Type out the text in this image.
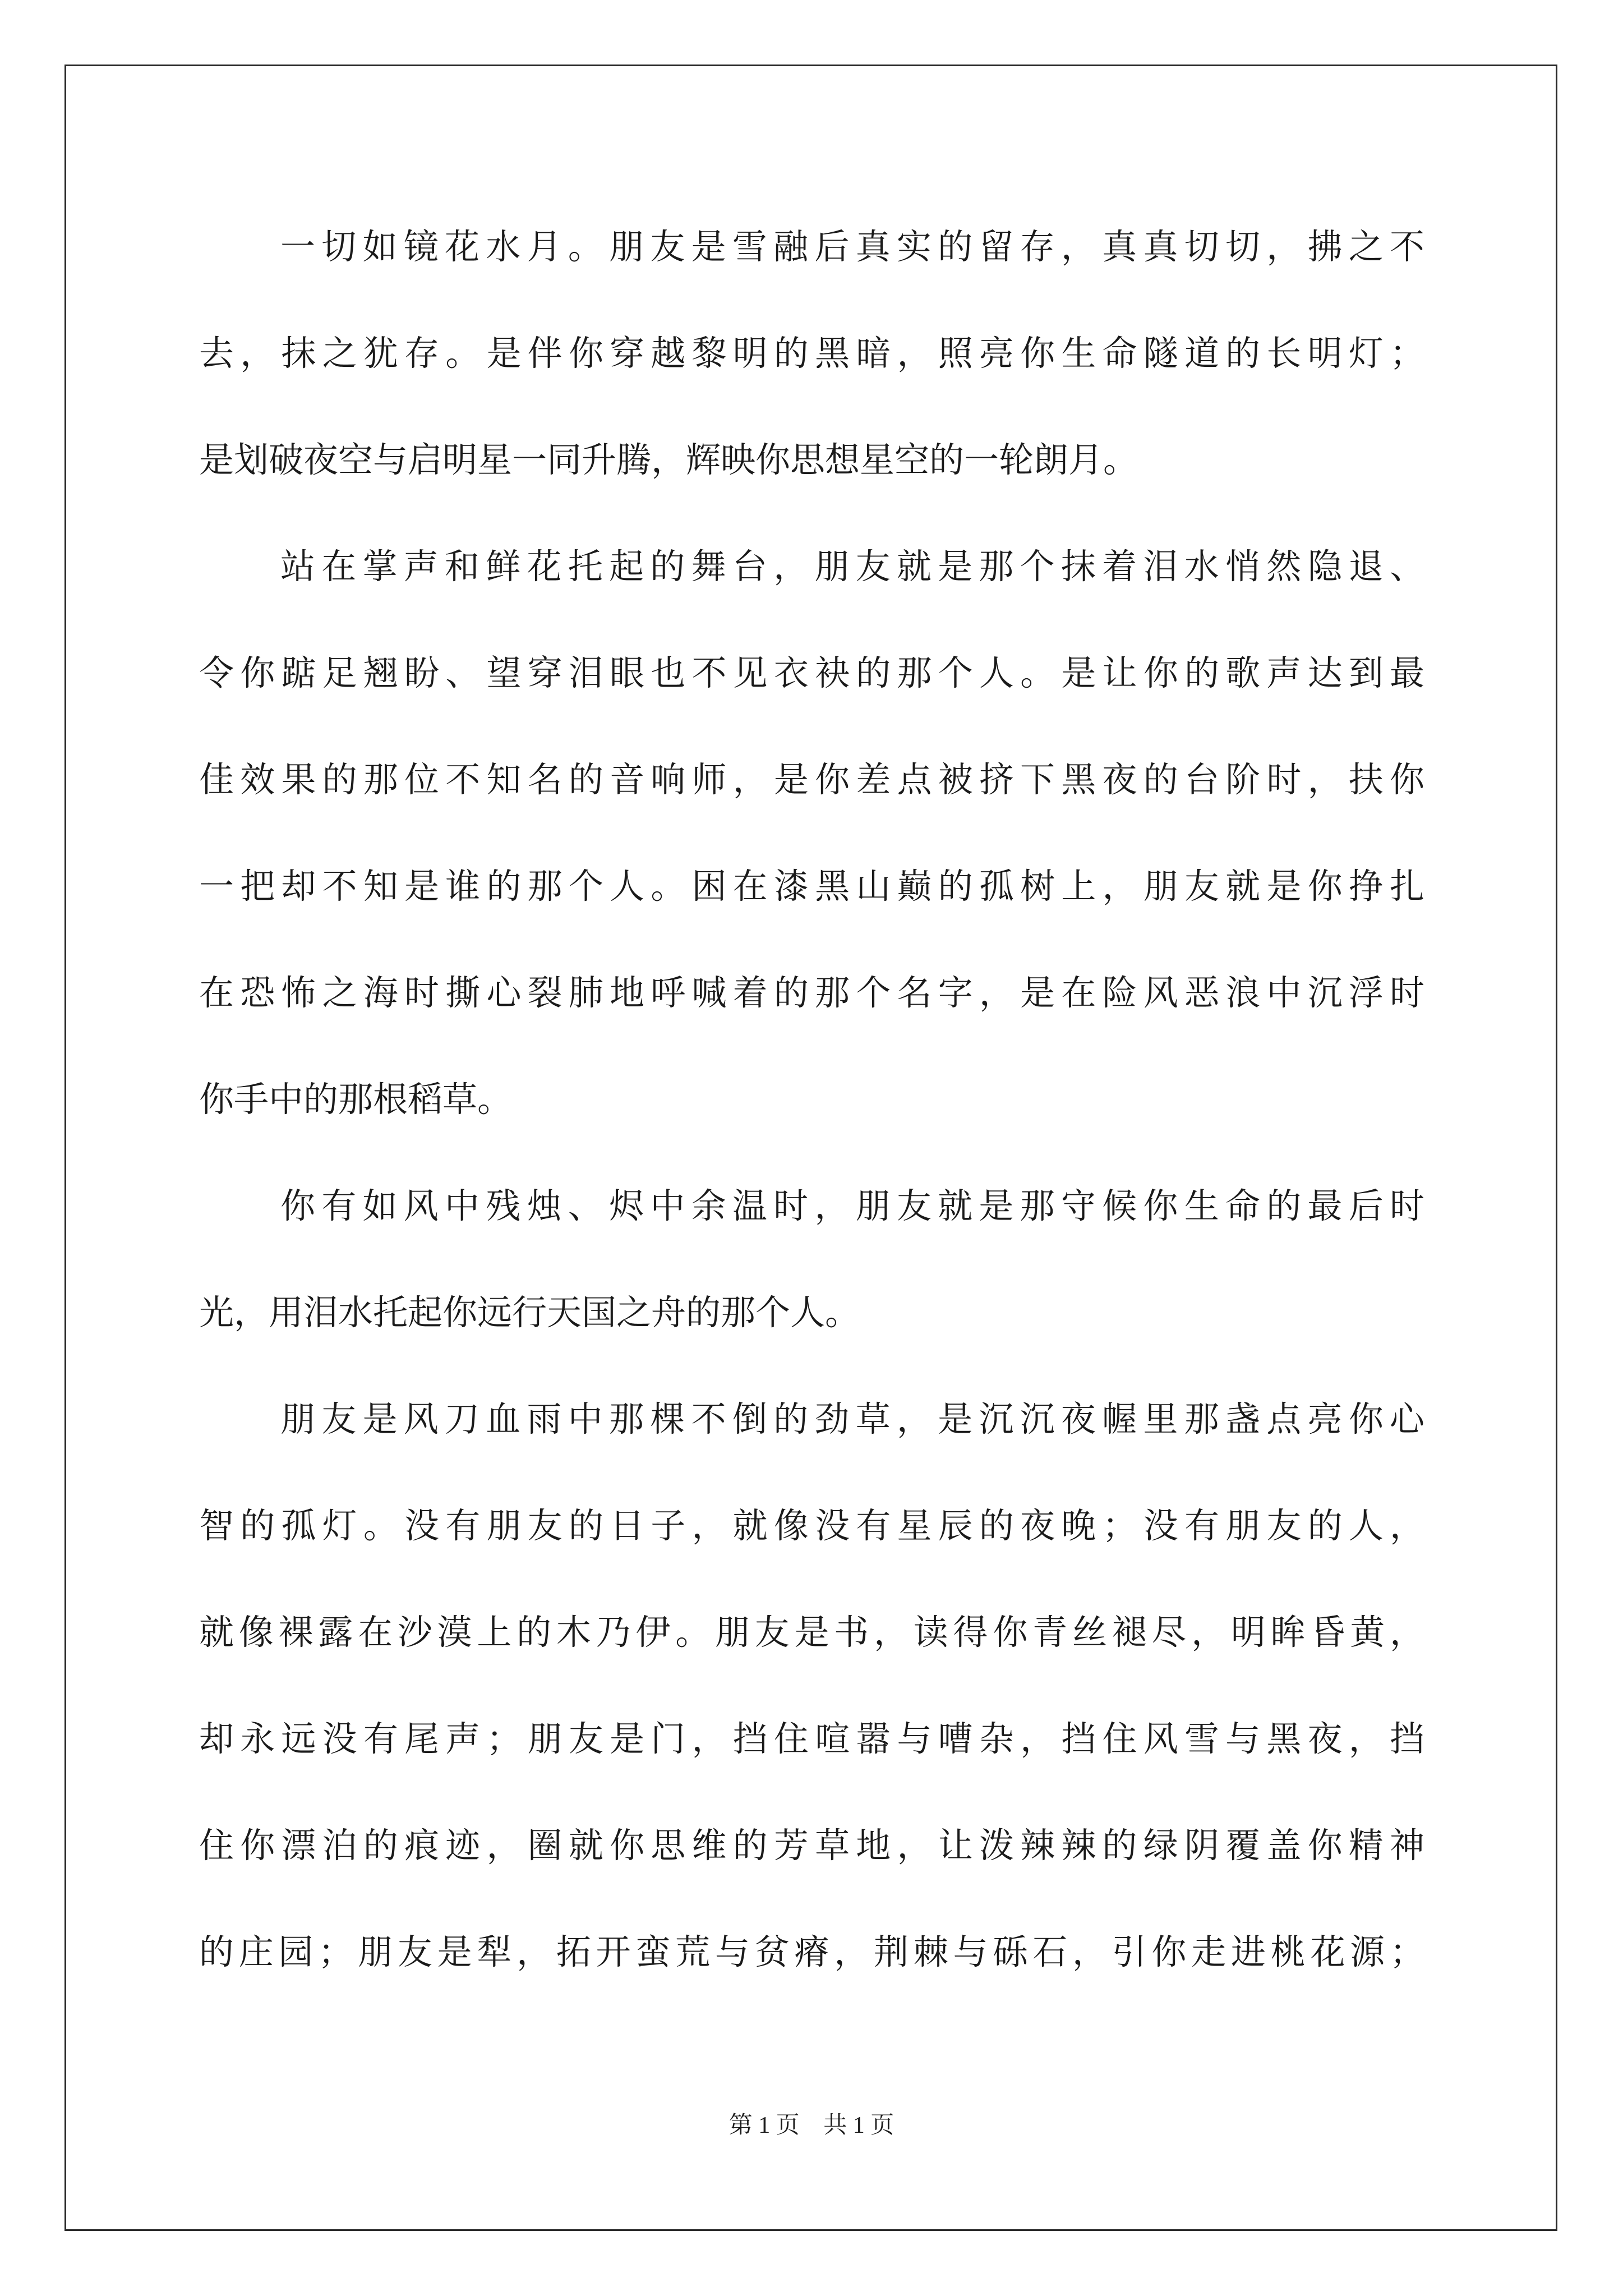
一切如镜花水月。朋友是雪融后真实的留存，真真切切，拂之不
去，抹之犹存。是伴你穿越黎明的黑暗，照亮你生命隧道的长明灯；
是划破夜空与启明星一同升腾，辉映你思想星空的一轮朗月。
站在掌声和鲜花托起的舞台，朋友就是那个抹着泪水悄然隐退、
令你踮足翘盼、望穿泪眼也不见衣袂的那个人。是让你的歌声达到最
佳效果的那位不知名的音响师，是你差点被挤下黑夜的台阶时，扶你
一把却不知是谁的那个人。困在漆黑山巅的孤树上，朋友就是你挣扎
在恐怖之海时撕心裂肺地呼喊着的那个名字，是在险风恶浪中沉浮时
你手中的那根稻草。
你有如风中残烛、烬中余温时，朋友就是那守候你生命的最后时
光，用泪水托起你远行天国之舟的那个人。
朋友是风刀血雨中那棵不倒的劲草，是沉沉夜幄里那盏点亮你心
智的孤灯。没有朋友的日子，就像没有星辰的夜晚；没有朋友的人，
就像裸露在沙漠上的木乃伊。朋友是书，读得你青丝褪尽，明眸昏黄，
却永远没有尾声；朋友是门，挡住喧嚣与嘈杂，挡住风雪与黑夜，挡
住你漂泊的痕迹，圈就你思维的芳草地，让泼辣辣的绿阴覆盖你精神
的庄园；朋友是犁，拓开蛮荒与贫瘠，荆棘与砾石，引你走进桃花源；
第 1 页 共 1 页
